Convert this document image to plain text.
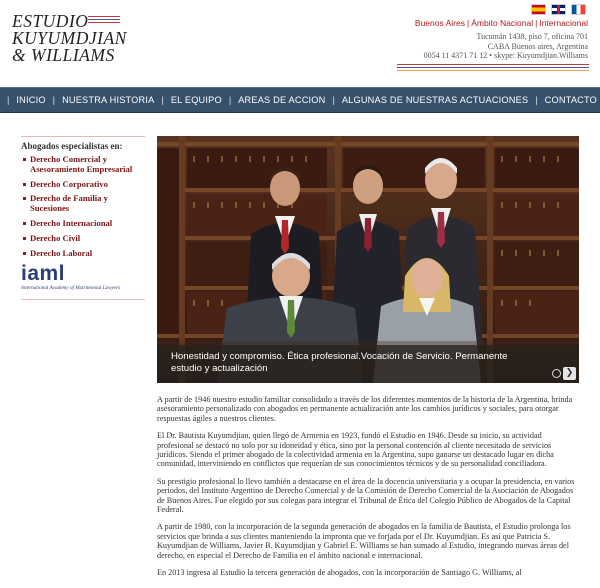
ESTUDIO
KUYUMDJIAN
& WILLIAMS
Buenos Aires | Ámbito Nacional | Internacional
Tucumán 1438, piso 7, oficina 701
CABA Buenos aires, Argentina
0054 11 4371 71 12 • skype: Kuyumdjian.Williams
| INICIO | NUESTRA HISTORIA | EL EQUIPO | AREAS DE ACCION | ALGUNAS DE NUESTRAS ACTUACIONES | CONTACTO
Abogados especialistas en:
Derecho Comercial y Asesoramiento Empresarial
Derecho Corporativo
Derecho de Familia y Sucesiones
Derecho Internacional
Derecho Civil
Derecho Laboral
iaml
International Academy of Matrimonial Lawyers
Honestidad y compromiso. Ética profesional.Vocación de Servicio. Permanente estudio y actualización	❯

A partir de 1946 nuestro estudio familiar consolidado a través de los diferentes momentos de la historia de la Argentina, brinda asesoramiento personalizado con abogados en permanente actualización ante los cambios jurídicos y sociales, para otorgar respuestas ágiles a nuestros clientes.

El Dr. Bautista Kuyumdjian, quien llegó de Armenia en 1923, fundó el Estudio en 1946. Desde su inicio, su actividad profesional se destacó no solo por su idoneidad y ética, sino por la personal contención al cliente necesitado de servicios jurídicos. Siendo el primer abogado de la colectividad armenia en la Argentina, supo ganarse un destacado lugar en dicha comunidad, interviniendo en conflictos que requerían de sus conocimientos técnicos y de su personalidad conciliadora.

Su prestigio profesional lo llevo también a destacarse en el área de la docencia universitaria y a ocupar la presidencia, en varios periodos, del Instituto Argentino de Derecho Comercial y de la Comisión de Derecho Comercial de la Asociación de Abogados de Buenos Aires. Fue elegido por sus colegas para integrar el Tribunal de Ética del Colegio Público de Abogados de la Capital Federal.

A partir de 1980, con la incorporación de la segunda generación de abogados en la familia de Bautista, el Estudio prolonga los servicios que brinda a sus clientes manteniendo la impronta que ve forjada por el Dr. Kuyumdjian. Es así que Patricia S. Kuyumdjian de Williams, Javier B. Kuyumdjian y Gabriel E. Williams se han sumado al Estudio, integrando nuevas áreas del derecho, en especial el Derecho de Familia en el ámbito nacional e internacional.

En 2013 ingresa al Estudio la tercera generación de abogados, con la incorporación de Santiago G. Williams, al
